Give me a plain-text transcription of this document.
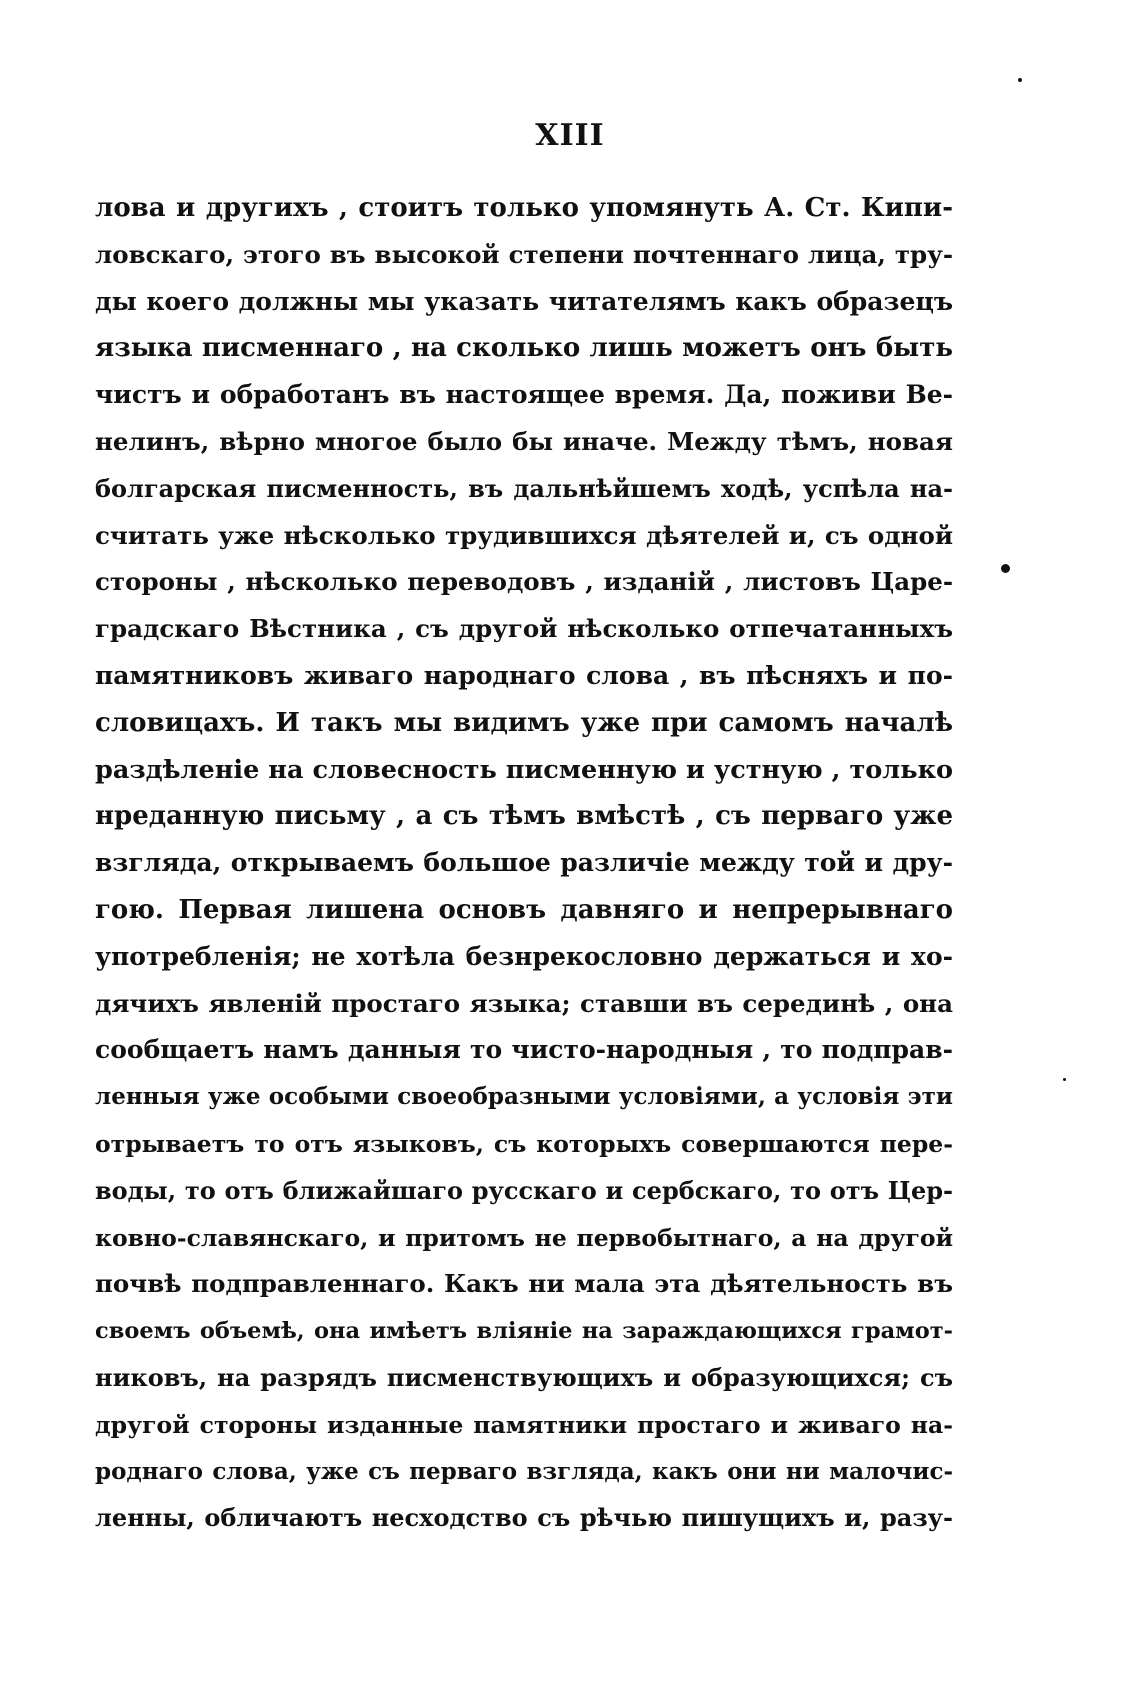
XIII
лова и другихъ , стоитъ только упомянуть А. Ст. Кипи-
ловскаго, этого въ высокой степени почтеннаго лица, тру-
ды коего должны мы указать читателямъ какъ образецъ
языка писменнаго , на сколько лишь можетъ онъ быть
чистъ и обработанъ въ настоящее время. Да, поживи Ве-
нелинъ, вѣрно многое было бы иначе. Между тѣмъ, новая
болгарская писменность, въ дальнѣйшемъ ходѣ, успѣла на-
считать уже нѣсколько трудившихся дѣятелей и, съ одной
стороны , нѣсколько переводовъ , изданій , листовъ Царе-
градскаго Вѣстника , съ другой нѣсколько отпечатанныхъ
памятниковъ живаго народнаго слова , въ пѣсняхъ и по-
словицахъ. И такъ мы видимъ уже при самомъ началѣ
раздѣленіе на словесность писменную и устную , только
нреданную письму , а съ тѣмъ вмѣстѣ , съ перваго уже
взгляда, открываемъ большое различіе между той и дру-
гою. Первая лишена основъ давняго и непрерывнаго
употребленія; не хотѣла безнрекословно держаться и хо-
дячихъ явленій простаго языка; ставши въ серединѣ , она
сообщаетъ намъ данныя то чисто-народныя , то подправ-
ленныя уже особыми своеобразными условіями, а условія эти
отрываетъ то отъ языковъ, съ которыхъ совершаются пере-
воды, то отъ ближайшаго русскаго и сербскаго, то отъ Цер-
ковно-славянскаго, и притомъ не первобытнаго, а на другой
почвѣ подправленнаго. Какъ ни мала эта дѣятельность въ
своемъ объемѣ, она имѣетъ вліяніе на зараждающихся грамот-
никовъ, на разрядъ писменствующихъ и образующихся; съ
другой стороны изданные памятники простаго и живаго на-
роднаго слова, уже съ перваго взгляда, какъ они ни малочис-
ленны, обличаютъ несходство съ рѣчью пишущихъ и, разу-
